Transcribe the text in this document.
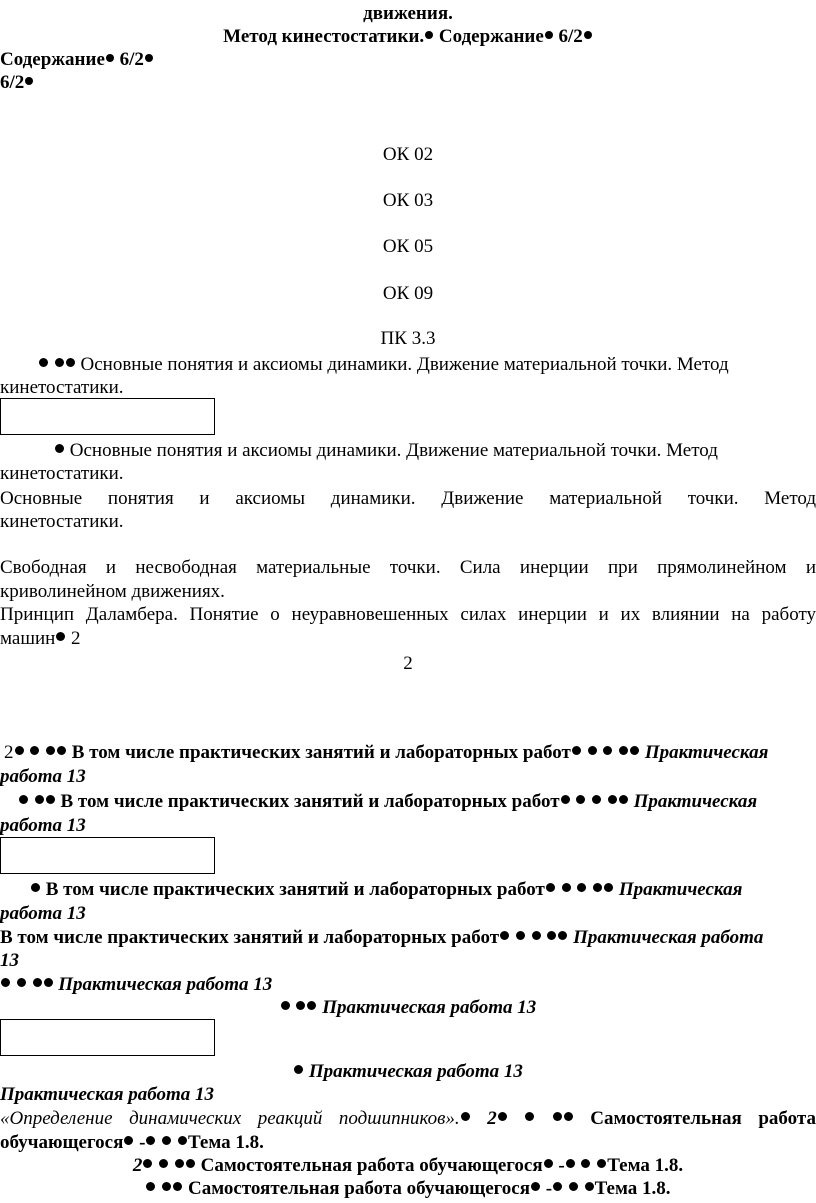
движения.
Метод кинестостатики. Содержание 6/2
Содержание 6/2
6/2
ОК 02
ОК 03
ОК 05
ОК 09
ПК 3.3
Основные понятия и аксиомы динамики. Движение материальной точки. Метод
кинетостатики.
Основные понятия и аксиомы динамики. Движение материальной точки. Метод
кинетостатики.
Основные понятия и аксиомы динамики. Движение материальной точки. Метод
кинетостатики.
Свободная и несвободная материальные точки. Сила инерции при прямолинейном и
криволинейном движениях.
Принцип Даламбера. Понятие о неуравновешенных силах инерции и их влиянии на работу
машин 2
2
2	В том числе практических занятий и лабораторных работ	Практическая
работа 13
В том числе практических занятий и лабораторных работ	Практическая
работа 13
В том числе практических занятий и лабораторных работ	Практическая
работа 13
В том числе практических занятий и лабораторных работ	Практическая работа
13
Практическая работа 13
Практическая работа 13
Практическая работа 13
Практическая работа 13
«Определение динамических реакций подшипников». 2	Самостоятельная работа
обучающегося - Тема 1.8.
2	Самостоятельная работа обучающегося - Тема 1.8.
Самостоятельная работа обучающегося - Тема 1.8.
